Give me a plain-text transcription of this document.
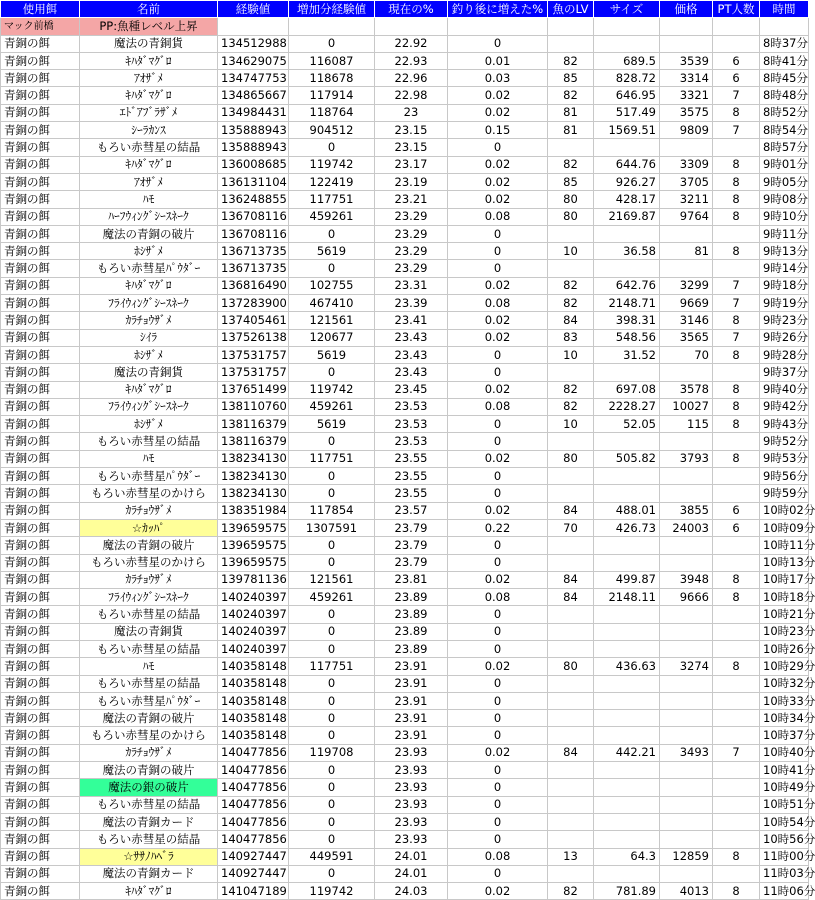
使用餌	名前	経験値	増加分経験値	現在の%	釣り後に増えた%	魚のLV	サイズ	価格	PT人数	時間
マック前橋	PP:魚種レベル上昇									
青銅の餌	魔法の青銅貨	134512988	0	22.92	0					8時37分
青銅の餌	ｷﾊﾀﾞﾏｸﾞﾛ	134629075	116087	22.93	0.01	82	689.5	3539	6	8時41分
青銅の餌	ｱｵｻﾞﾒ	134747753	118678	22.96	0.03	85	828.72	3314	6	8時45分
青銅の餌	ｷﾊﾀﾞﾏｸﾞﾛ	134865667	117914	22.98	0.02	82	646.95	3321	7	8時48分
青銅の餌	ｴﾄﾞｱﾌﾞﾗｻﾞﾒ	134984431	118764	23	0.02	81	517.49	3575	8	8時52分
青銅の餌	ｼｰﾗｶﾝｽ	135888943	904512	23.15	0.15	81	1569.51	9809	7	8時54分
青銅の餌	もろい赤彗星の結晶	135888943	0	23.15	0					8時57分
青銅の餌	ｷﾊﾀﾞﾏｸﾞﾛ	136008685	119742	23.17	0.02	82	644.76	3309	8	9時01分
青銅の餌	ｱｵｻﾞﾒ	136131104	122419	23.19	0.02	85	926.27	3705	8	9時05分
青銅の餌	ﾊﾓ	136248855	117751	23.21	0.02	80	428.17	3211	8	9時08分
青銅の餌	ﾊｰﾌｳｨﾝｸﾞｼｰｽﾈｰｸ	136708116	459261	23.29	0.08	80	2169.87	9764	8	9時10分
青銅の餌	魔法の青銅の破片	136708116	0	23.29	0					9時11分
青銅の餌	ﾎｼｻﾞﾒ	136713735	5619	23.29	0	10	36.58	81	8	9時13分
青銅の餌	もろい赤彗星ﾊﾟｳﾀﾞｰ	136713735	0	23.29	0					9時14分
青銅の餌	ｷﾊﾀﾞﾏｸﾞﾛ	136816490	102755	23.31	0.02	82	642.76	3299	7	9時18分
青銅の餌	ﾌﾗｲｳｨﾝｸﾞｼｰｽﾈｰｸ	137283900	467410	23.39	0.08	82	2148.71	9669	7	9時19分
青銅の餌	ｶﾗﾁｮｳｻﾞﾒ	137405461	121561	23.41	0.02	84	398.31	3146	8	9時23分
青銅の餌	ｼｲﾗ	137526138	120677	23.43	0.02	83	548.56	3565	7	9時26分
青銅の餌	ﾎｼｻﾞﾒ	137531757	5619	23.43	0	10	31.52	70	8	9時28分
青銅の餌	魔法の青銅貨	137531757	0	23.43	0					9時37分
青銅の餌	ｷﾊﾀﾞﾏｸﾞﾛ	137651499	119742	23.45	0.02	82	697.08	3578	8	9時40分
青銅の餌	ﾌﾗｲｳｨﾝｸﾞｼｰｽﾈｰｸ	138110760	459261	23.53	0.08	82	2228.27	10027	8	9時42分
青銅の餌	ﾎｼｻﾞﾒ	138116379	5619	23.53	0	10	52.05	115	8	9時43分
青銅の餌	もろい赤彗星の結晶	138116379	0	23.53	0					9時52分
青銅の餌	ﾊﾓ	138234130	117751	23.55	0.02	80	505.82	3793	8	9時53分
青銅の餌	もろい赤彗星ﾊﾟｳﾀﾞｰ	138234130	0	23.55	0					9時56分
青銅の餌	もろい赤彗星のかけら	138234130	0	23.55	0					9時59分
青銅の餌	ｶﾗﾁｮｳｻﾞﾒ	138351984	117854	23.57	0.02	84	488.01	3855	6	10時02分
青銅の餌	☆ｶｯﾊﾟ	139659575	1307591	23.79	0.22	70	426.73	24003	6	10時09分
青銅の餌	魔法の青銅の破片	139659575	0	23.79	0					10時11分
青銅の餌	もろい赤彗星のかけら	139659575	0	23.79	0					10時13分
青銅の餌	ｶﾗﾁｮｳｻﾞﾒ	139781136	121561	23.81	0.02	84	499.87	3948	8	10時17分
青銅の餌	ﾌﾗｲｳｨﾝｸﾞｼｰｽﾈｰｸ	140240397	459261	23.89	0.08	84	2148.11	9666	8	10時18分
青銅の餌	もろい赤彗星の結晶	140240397	0	23.89	0					10時21分
青銅の餌	魔法の青銅貨	140240397	0	23.89	0					10時23分
青銅の餌	もろい赤彗星の結晶	140240397	0	23.89	0					10時26分
青銅の餌	ﾊﾓ	140358148	117751	23.91	0.02	80	436.63	3274	8	10時29分
青銅の餌	もろい赤彗星の結晶	140358148	0	23.91	0					10時32分
青銅の餌	もろい赤彗星ﾊﾟｳﾀﾞｰ	140358148	0	23.91	0					10時33分
青銅の餌	魔法の青銅の破片	140358148	0	23.91	0					10時34分
青銅の餌	もろい赤彗星のかけら	140358148	0	23.91	0					10時37分
青銅の餌	ｶﾗﾁｮｳｻﾞﾒ	140477856	119708	23.93	0.02	84	442.21	3493	7	10時40分
青銅の餌	魔法の青銅の破片	140477856	0	23.93	0					10時41分
青銅の餌	魔法の銀の破片	140477856	0	23.93	0					10時49分
青銅の餌	もろい赤彗星の結晶	140477856	0	23.93	0					10時51分
青銅の餌	魔法の青銅カード	140477856	0	23.93	0					10時54分
青銅の餌	もろい赤彗星の結晶	140477856	0	23.93	0					10時56分
青銅の餌	☆ｻｻﾉﾊﾍﾞﾗ	140927447	449591	24.01	0.08	13	64.3	12859	8	11時00分
青銅の餌	魔法の青銅カード	140927447	0	24.01	0					11時03分
青銅の餌	ｷﾊﾀﾞﾏｸﾞﾛ	141047189	119742	24.03	0.02	82	781.89	4013	8	11時06分
